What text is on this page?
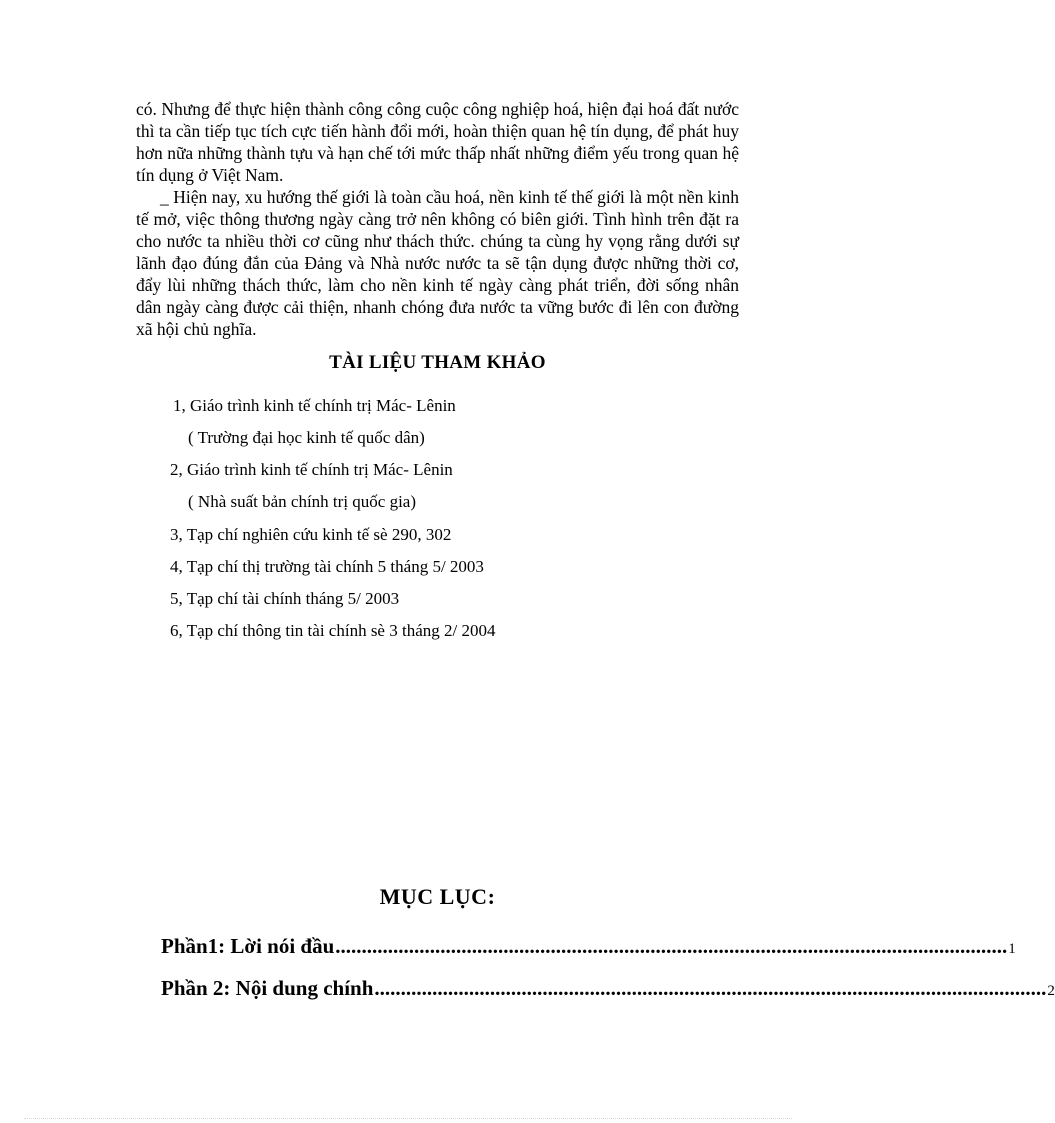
có. Nhưng để thực hiện thành công công cuộc công nghiệp hoá, hiện đại hoá đất nước thì ta cần tiếp tục tích cực tiến hành đổi mới, hoàn thiện quan hệ tín dụng, để phát huy hơn nữa những thành tựu và hạn chế tới mức thấp nhất những điểm yếu trong quan hệ tín dụng ở Việt Nam.

_ Hiện nay, xu hướng thế giới là toàn cầu hoá, nền kinh tế thế giới là một nền kinh tế mở, việc thông thương ngày càng trở nên không có biên giới. Tình hình trên đặt ra cho nước ta nhiều thời cơ cũng như thách thức. chúng ta cùng hy vọng rằng dưới sự lãnh đạo đúng đắn của Đảng và Nhà nước nước ta sẽ tận dụng được những thời cơ, đẩy lùi những thách thức, làm cho nền kinh tế ngày càng phát triển, đời sống nhân dân ngày càng được cải thiện, nhanh chóng đưa nước ta vững bước đi lên con đường xã hội chủ nghĩa.

TÀI LIỆU THAM KHẢO
1, Giáo trình kinh tế chính trị Mác- Lênin
( Trường đại học kinh tế quốc dân)
2, Giáo trình kinh tế chính trị Mác- Lênin
( Nhà suất bản chính trị quốc gia)
3, Tạp chí nghiên cứu kinh tế sè 290, 302
4, Tạp chí thị trường tài chính 5 tháng 5/ 2003
5, Tạp chí tài chính tháng 5/ 2003
6, Tạp chí thông tin tài chính sè 3 tháng 2/ 2004
MỤC LỤC:
Phần1: Lời nói đầu ................................................................................................................................ 1
Phần 2: Nội dung chính ................................................................................................................................ 2
